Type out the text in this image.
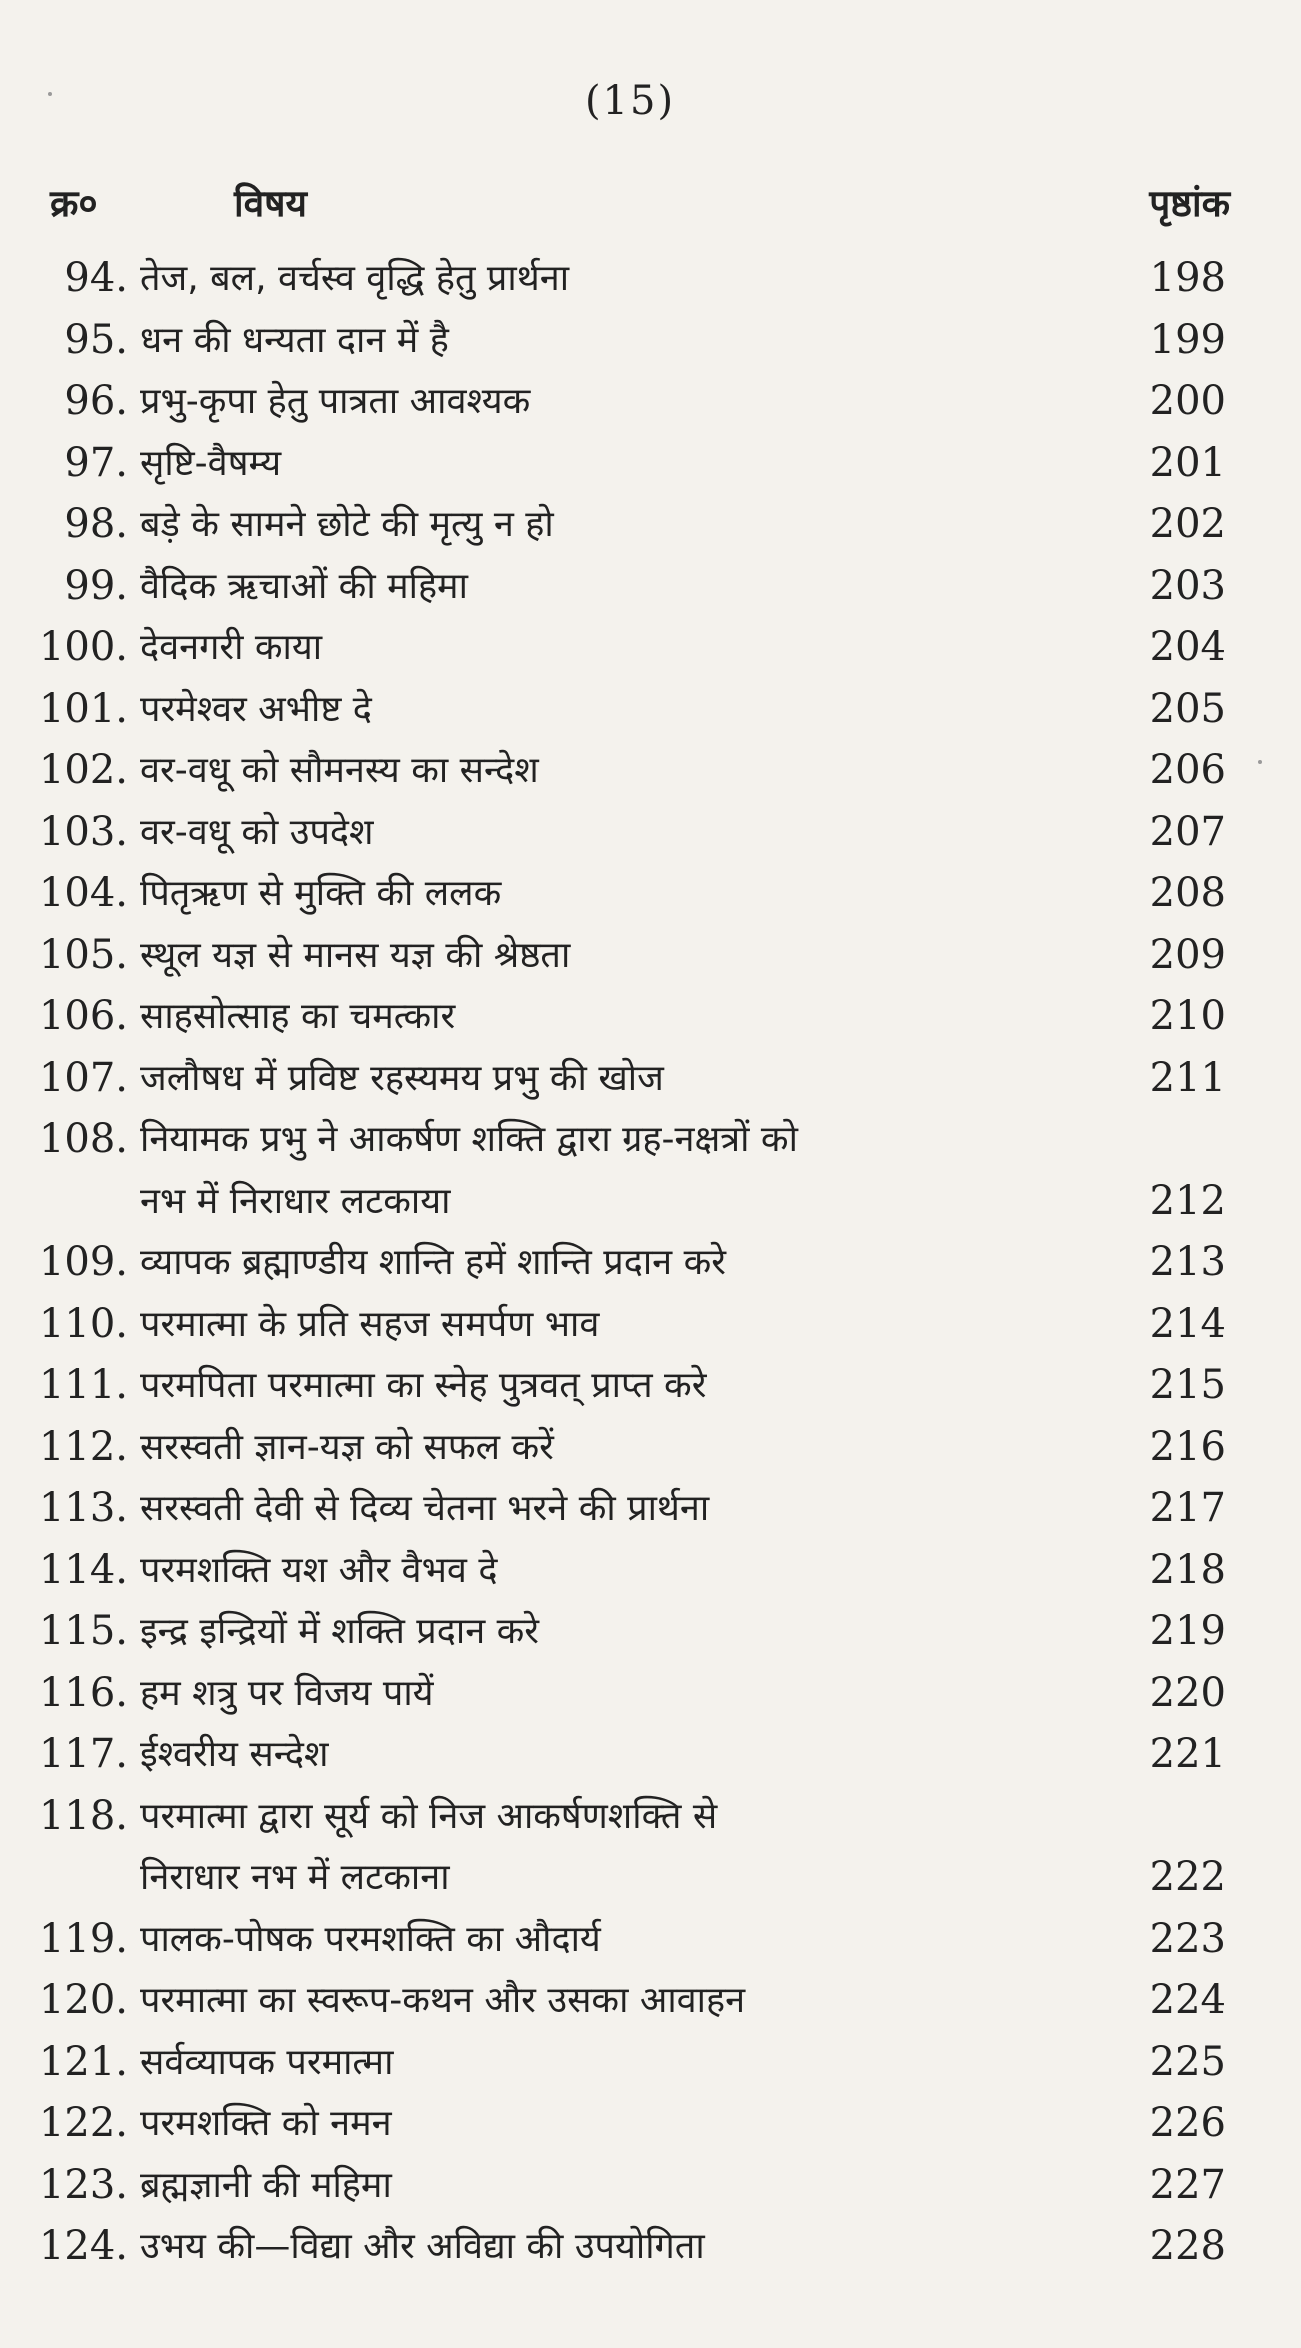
(15)
क्र०	विषय	पृष्ठांक
94. तेज, बल, वर्चस्व वृद्धि हेतु प्रार्थना	198
95. धन की धन्यता दान में है	199
96. प्रभु-कृपा हेतु पात्रता आवश्यक	200
97. सृष्टि-वैषम्य	201
98. बड़े के सामने छोटे की मृत्यु न हो	202
99. वैदिक ऋचाओं की महिमा	203
100. देवनगरी काया	204
101. परमेश्वर अभीष्ट दे	205
102. वर-वधू को सौमनस्य का सन्देश	206
103. वर-वधू को उपदेश	207
104. पितृऋण से मुक्ति की ललक	208
105. स्थूल यज्ञ से मानस यज्ञ की श्रेष्ठता	209
106. साहसोत्साह का चमत्कार	210
107. जलौषध में प्रविष्ट रहस्यमय प्रभु की खोज	211
108. नियामक प्रभु ने आकर्षण शक्ति द्वारा ग्रह-नक्षत्रों को
नभ में निराधार लटकाया	212
109. व्यापक ब्रह्माण्डीय शान्ति हमें शान्ति प्रदान करे	213
110. परमात्मा के प्रति सहज समर्पण भाव	214
111. परमपिता परमात्मा का स्नेह पुत्रवत् प्राप्त करे	215
112. सरस्वती ज्ञान-यज्ञ को सफल करें	216
113. सरस्वती देवी से दिव्य चेतना भरने की प्रार्थना	217
114. परमशक्ति यश और वैभव दे	218
115. इन्द्र इन्द्रियों में शक्ति प्रदान करे	219
116. हम शत्रु पर विजय पायें	220
117. ईश्वरीय सन्देश	221
118. परमात्मा द्वारा सूर्य को निज आकर्षणशक्ति से
निराधार नभ में लटकाना	222
119. पालक-पोषक परमशक्ति का औदार्य	223
120. परमात्मा का स्वरूप-कथन और उसका आवाहन	224
121. सर्वव्यापक परमात्मा	225
122. परमशक्ति को नमन	226
123. ब्रह्मज्ञानी की महिमा	227
124. उभय की—विद्या और अविद्या की उपयोगिता	228
